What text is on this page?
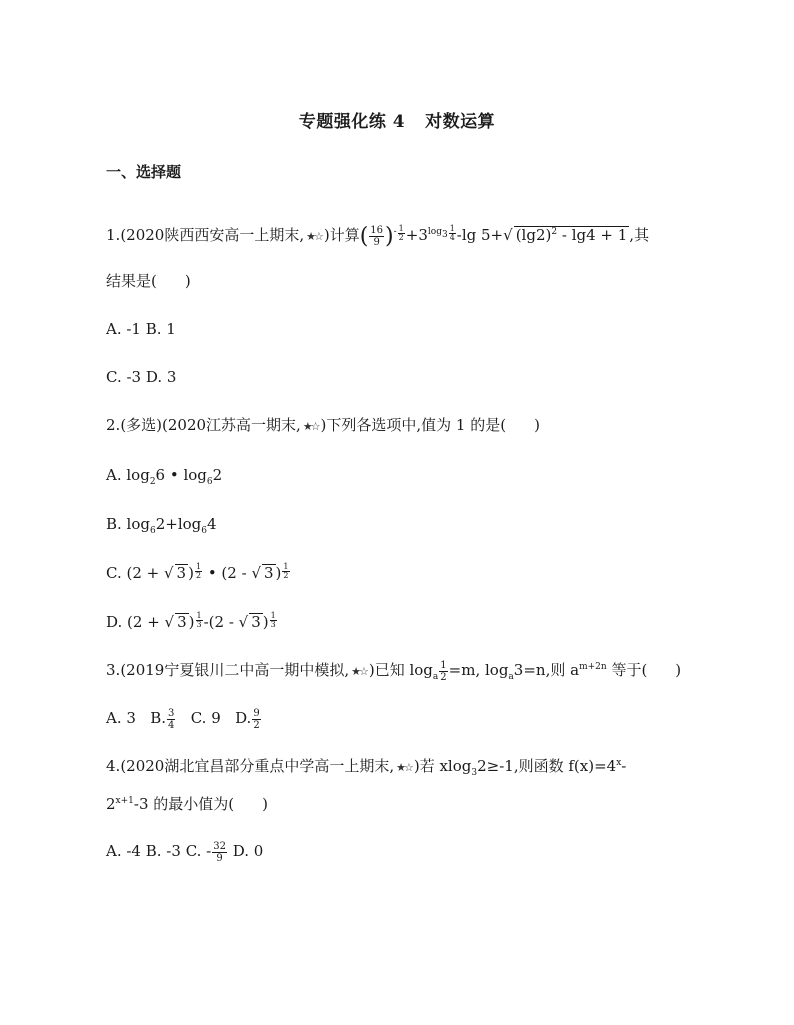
专题强化练 4 对数运算
一、选择题
1.(2020陕西西安高一上期末, ★☆ )计算( $\frac{16}{9} )^- \frac{1}{2} +3^{log_3} \frac{1}{4} -\lg$ 5+√ $(\lg 2)^2 - \lg 4 + 1$ ,其
结果是( )
A. -1 B. 1
C. -3 D. 3
2.(多选)(2020江苏高一期末, ★☆ )下列各选项中,值为 1 的是( )
A. $\log_26$ • $\log_62$
B. $\log_62+\log_64$
C. (2 + √ 3 ) $\frac{1}{2}$ • (2 - √ 3 ) $\frac{1}{2}$
D. (2 + √ 3 ) $\frac{1}{3} -(2$ - √ 3 ) $\frac{1}{3}$
3.(2019宁夏银川二中高一期中模拟, ★☆ )已知 $\log_a \frac{1}{2} =m$, $\log_a3=n$,则 $a^{m+2n}$ 等于( )
A. 3 B. $\frac{3}{4} C$. 9 D. $\frac{9}{2}$
4.(2020湖北宜昌部分重点中学高一上期末, ★☆ )若 xlog$_3$2≥-1,则函数 $f(x)=4^x-$
$2^{x+1}-3$ 的最小值为( )
A. -4 B. -3 C. - $\frac{32}{9} D$. 0
